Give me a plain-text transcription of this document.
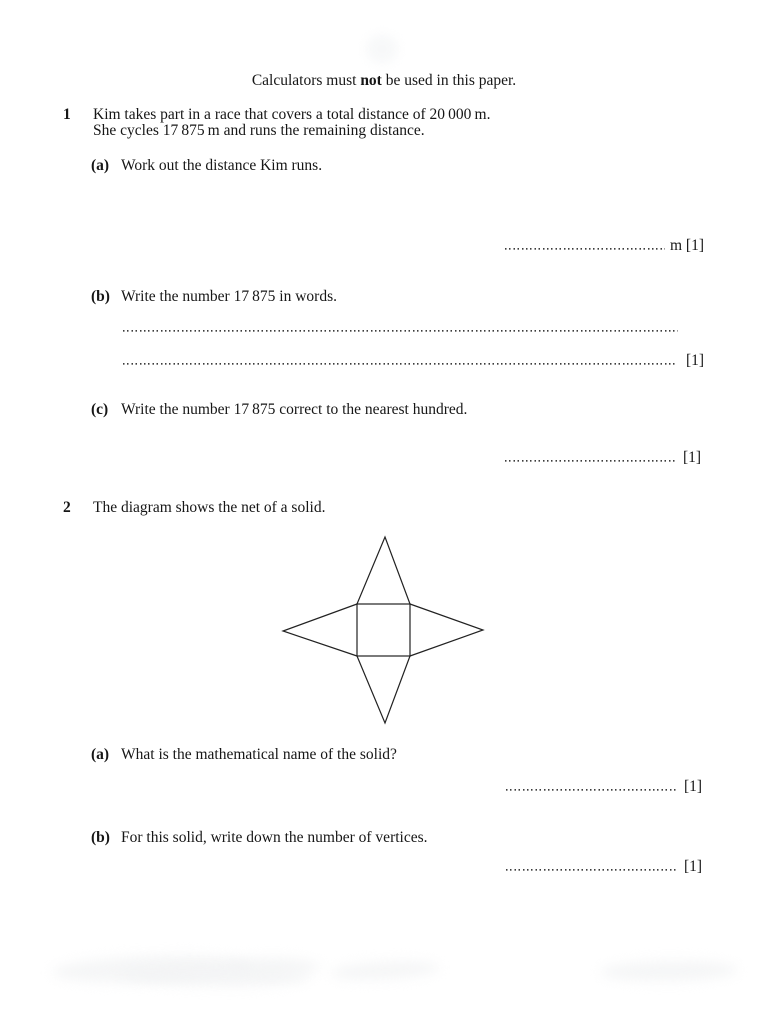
Calculators must not be used in this paper.
1 Kim takes part in a race that covers a total distance of 20 000 m.
She cycles 17 875 m and runs the remaining distance.
(a) Work out the distance Kim runs.
m [1]
(b) Write the number 17 875 in words.
[1]
(c) Write the number 17 875 correct to the nearest hundred.
[1]
2 The diagram shows the net of a solid.
(a) What is the mathematical name of the solid?
[1]
(b) For this solid, write down the number of vertices.
[1]
